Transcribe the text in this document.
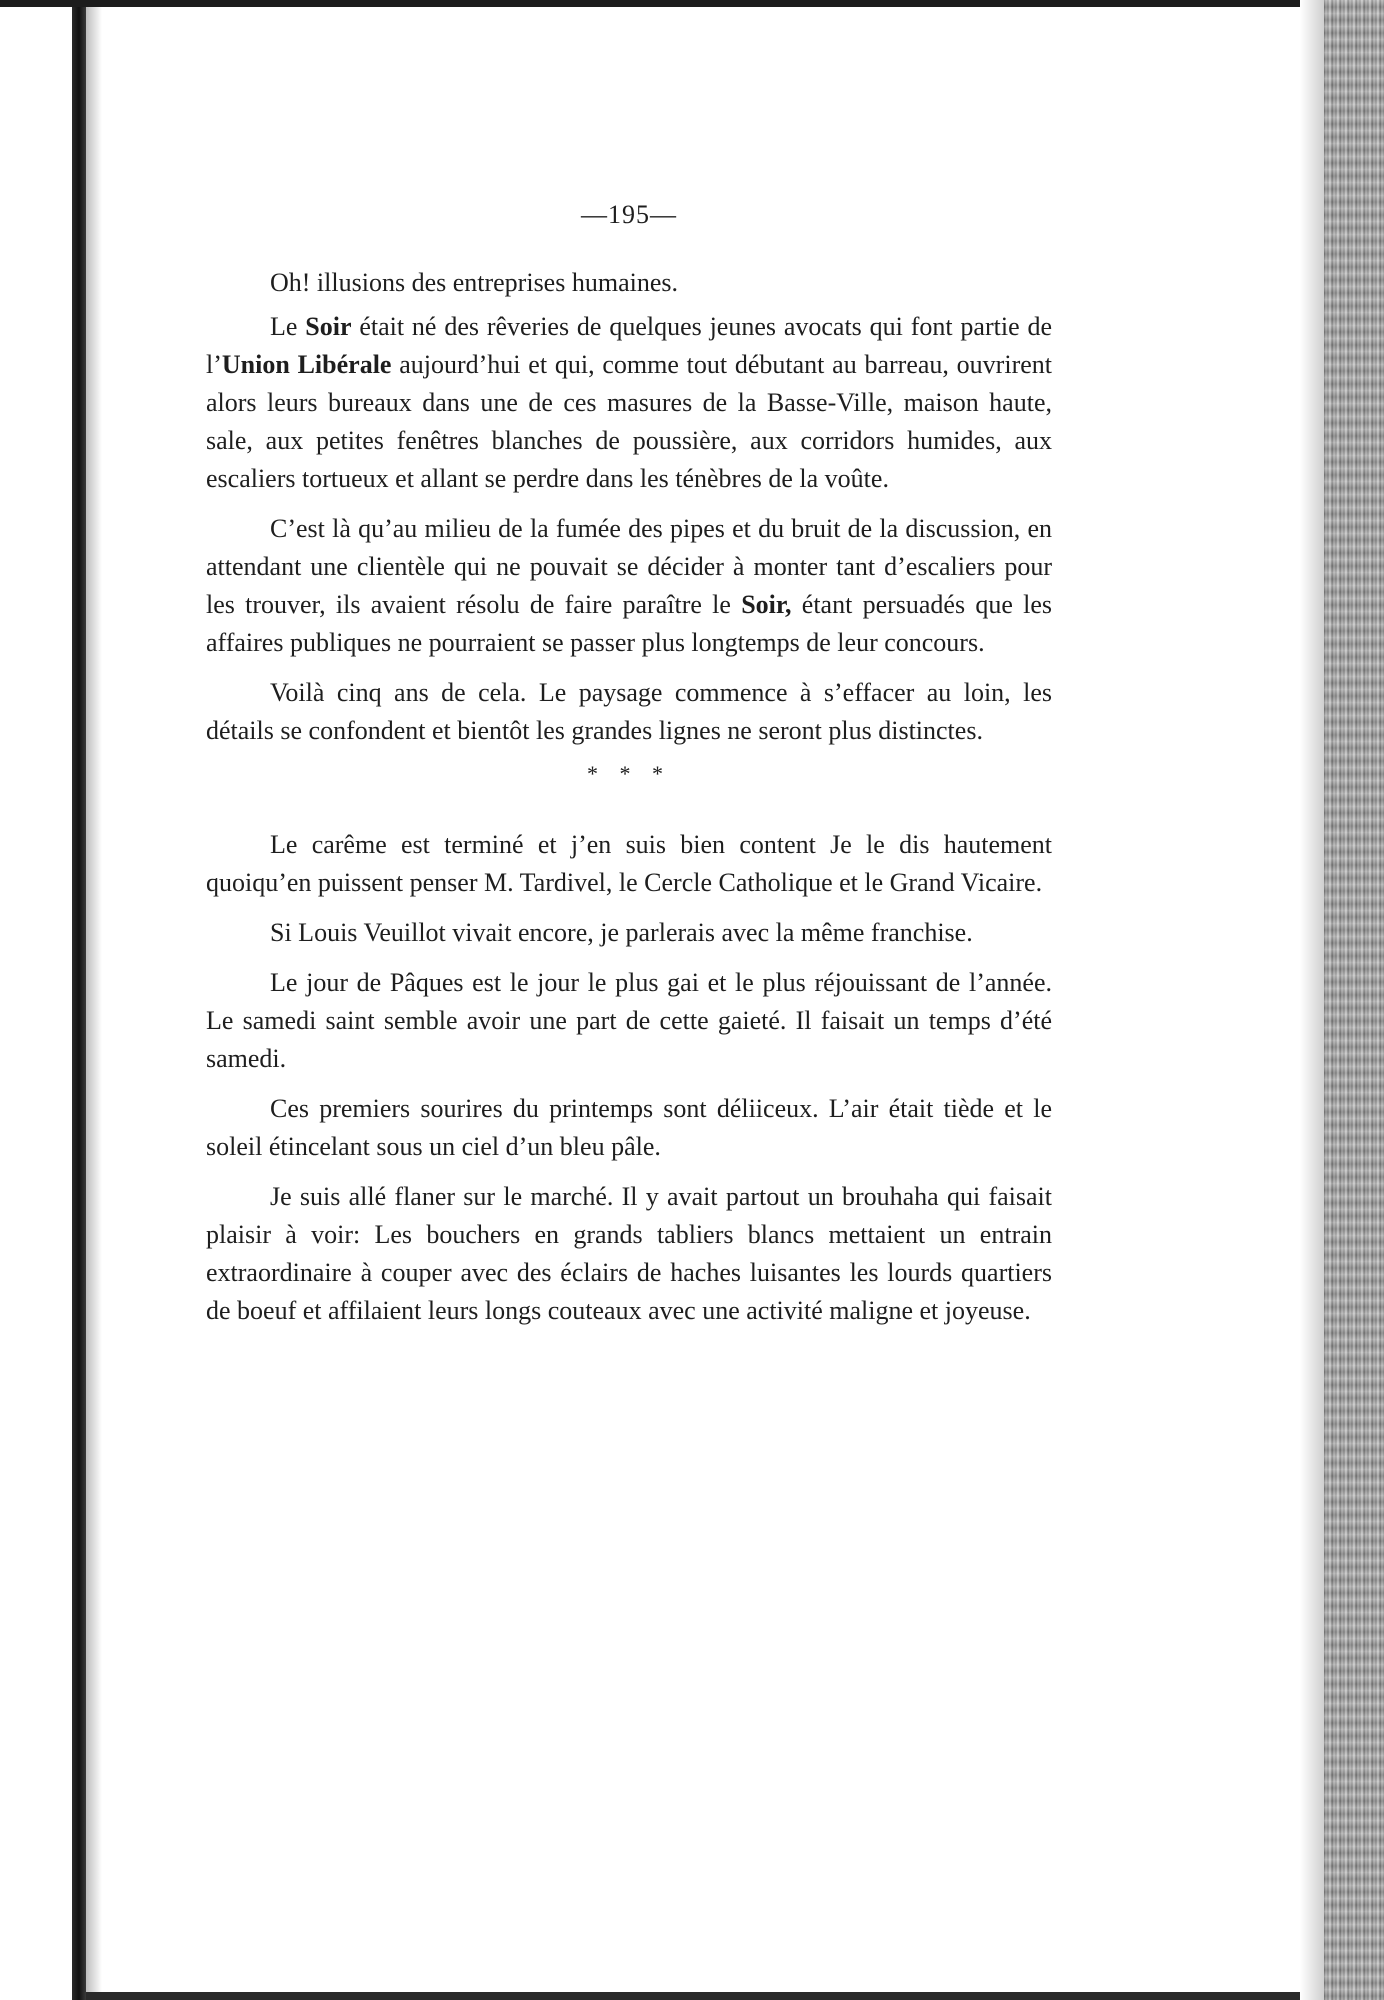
—195—

Oh! illusions des entreprises humaines.

Le Soir était né des rêveries de quelques jeunes avocats qui font partie de l’Union Libérale aujourd’hui et qui, comme tout débutant au barreau, ouvrirent alors leurs bureaux dans une de ces masures de la Basse-Ville, maison haute, sale, aux petites fenêtres blanches de poussière, aux corridors humides, aux escaliers tortueux et allant se perdre dans les ténèbres de la voûte.

C’est là qu’au milieu de la fumée des pipes et du bruit de la discussion, en attendant une clientèle qui ne pouvait se décider à monter tant d’escaliers pour les trouver, ils avaient résolu de faire paraître le Soir, étant persuadés que les affaires publiques ne pourraient se passer plus longtemps de leur concours.

Voilà cinq ans de cela. Le paysage commence à s’effacer au loin, les détails se confondent et bientôt les grandes lignes ne seront plus distinctes.

* * *

Le carême est terminé et j’en suis bien content Je le dis hautement quoiqu’en puissent penser M. Tardivel, le Cercle Catholique et le Grand Vicaire.

Si Louis Veuillot vivait encore, je parlerais avec la même franchise.

Le jour de Pâques est le jour le plus gai et le plus réjouissant de l’année. Le samedi saint semble avoir une part de cette gaieté. Il faisait un temps d’été samedi.

Ces premiers sourires du printemps sont déliiceux. L’air était tiède et le soleil étincelant sous un ciel d’un bleu pâle.

Je suis allé flaner sur le marché. Il y avait partout un brouhaha qui faisait plaisir à voir: Les bouchers en grands tabliers blancs mettaient un entrain extraordinaire à couper avec des éclairs de haches luisantes les lourds quartiers de boeuf et affilaient leurs longs couteaux avec une activité maligne et joyeuse.
